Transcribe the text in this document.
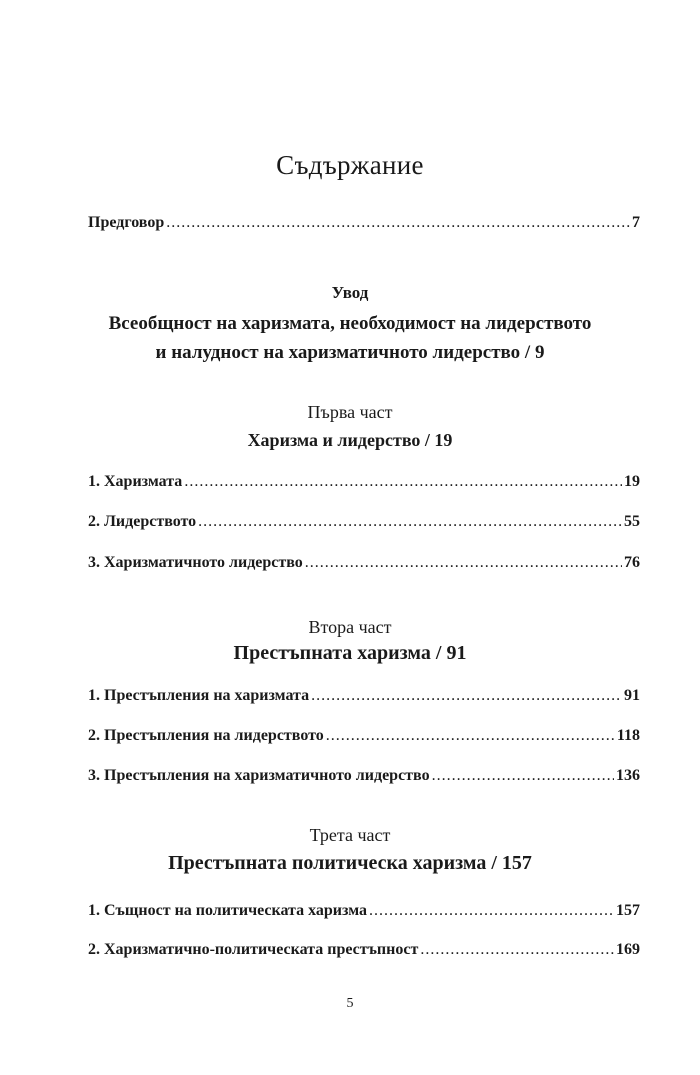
Съдържание
Предговор .....	7
Увод
Всеобщност на харизмата, необходимост на лидерството
и налудност на харизматичното лидерство / 9
Първа част
Харизма и лидерство / 19
1. Харизмата .....	19
2. Лидерството .....	55
3. Харизматичното лидерство .....	76
Втора част
Престъпната харизма / 91
1. Престъпления на харизмата .....	91
2. Престъпления на лидерството .....	118
3. Престъпления на харизматичното лидерство .....	136
Трета част
Престъпната политическа харизма / 157
1. Същност на политическата харизма .....	157
2. Харизматично-политическата престъпност .....	169
5
